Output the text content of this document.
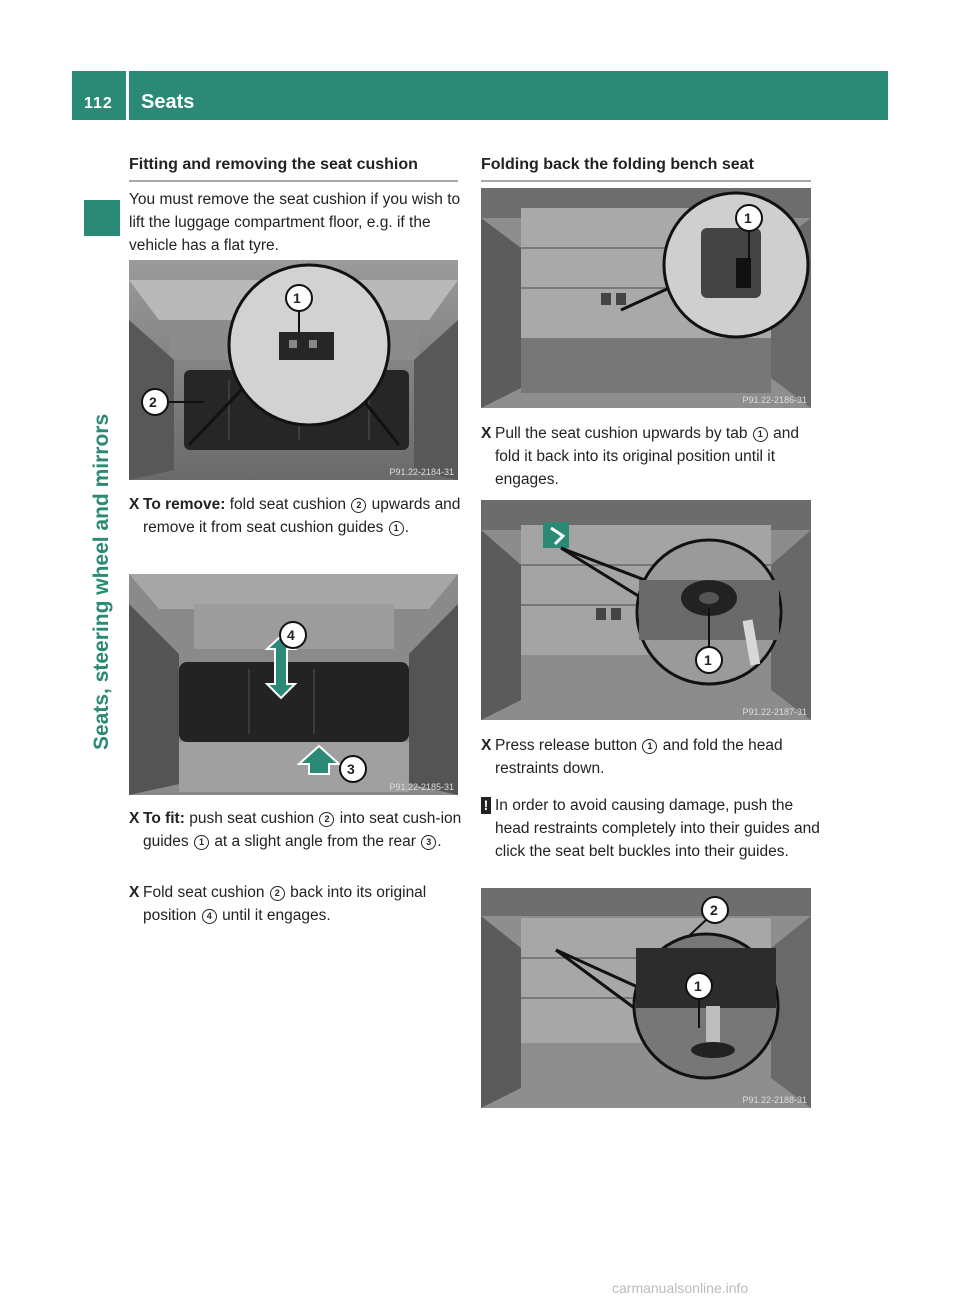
112 Seats
Seats, steering wheel and mirrors
Fitting and removing the seat cushion
You must remove the seat cushion if you wish to lift the luggage compartment floor, e.g. if the vehicle has a flat tyre.
1
2
P91.22-2184-31
X To remove: fold seat cushion 2 upwards and remove it from seat cushion guides 1 .
4
3
P91.22-2185-31
X To fit: push seat cushion 2 into seat cush-ion guides 1 at a slight angle from the rear 3 .
X Fold seat cushion 2 back into its original position 4 until it engages.
Folding back the folding bench seat
1
P91.22-2186-31
X Pull the seat cushion upwards by tab 1 and fold it back into its original position until it engages.
1
P91.22-2187-31
X Press release button 1 and fold the head restraints down.
! In order to avoid causing damage, push the head restraints completely into their guides and click the seat belt buckles into their guides.
2
1
P91.22-2188-31
carmanualsonline.info
